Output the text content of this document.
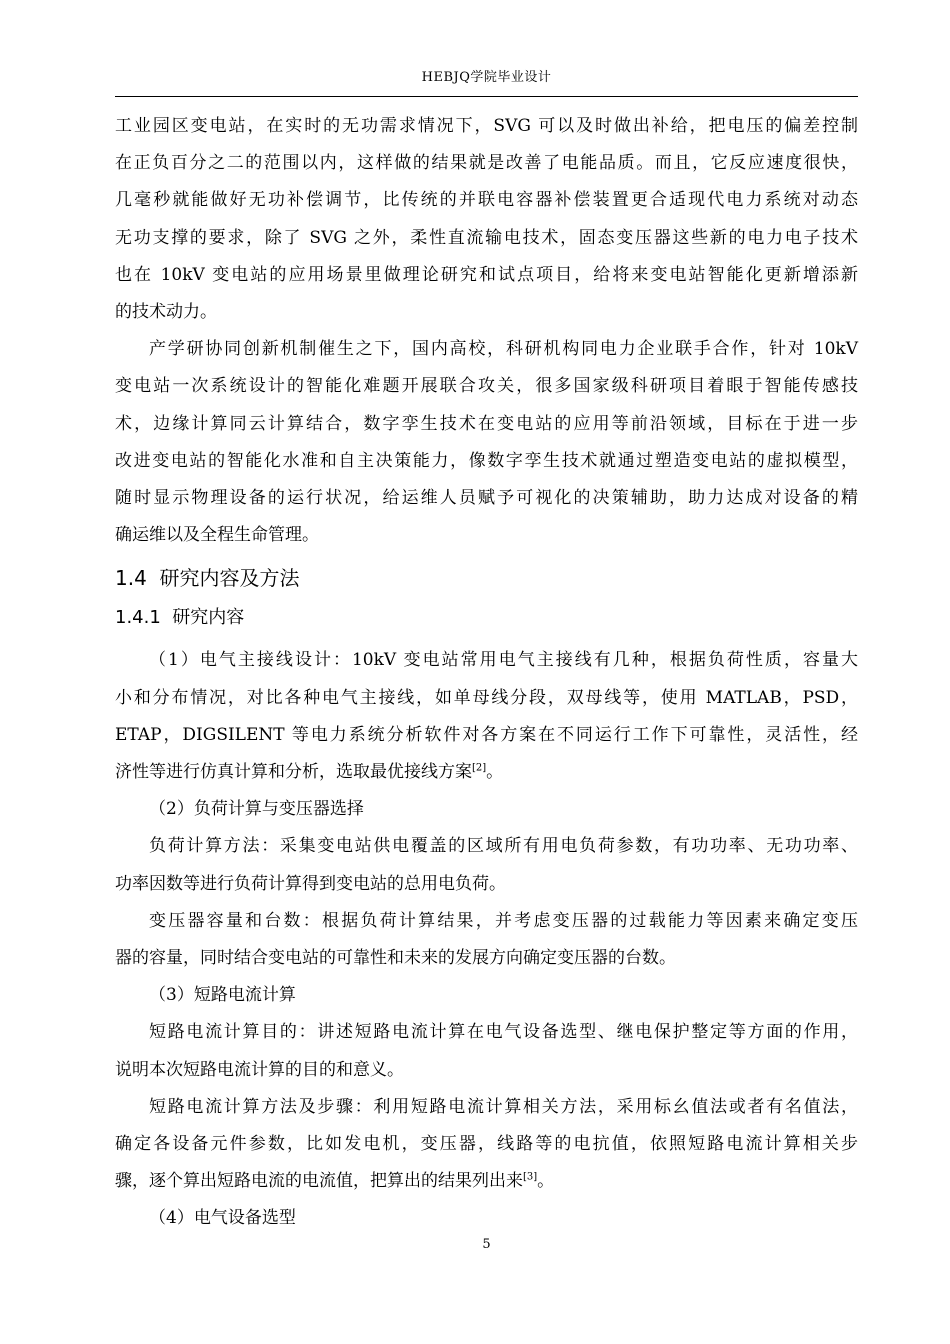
HEBJQ学院毕业设计

工业园区变电站，在实时的无功需求情况下，SVG 可以及时做出补给，把电压的偏差控制
在正负百分之二的范围以内，这样做的结果就是改善了电能品质。而且，它反应速度很快，
几毫秒就能做好无功补偿调节，比传统的并联电容器补偿装置更合适现代电力系统对动态
无功支撑的要求，除了 SVG 之外，柔性直流输电技术，固态变压器这些新的电力电子技术
也在 10kV 变电站的应用场景里做理论研究和试点项目，给将来变电站智能化更新增添新
的技术动力。

产学研协同创新机制催生之下，国内高校，科研机构同电力企业联手合作，针对 10kV
变电站一次系统设计的智能化难题开展联合攻关，很多国家级科研项目着眼于智能传感技
术，边缘计算同云计算结合，数字孪生技术在变电站的应用等前沿领域，目标在于进一步
改进变电站的智能化水准和自主决策能力，像数字孪生技术就通过塑造变电站的虚拟模型，
随时显示物理设备的运行状况，给运维人员赋予可视化的决策辅助，助力达成对设备的精
确运维以及全程生命管理。

1.4 研究内容及方法
1.4.1 研究内容

（1）电气主接线设计：10kV 变电站常用电气主接线有几种，根据负荷性质，容量大
小和分布情况，对比各种电气主接线，如单母线分段，双母线等，使用 MATLAB，PSD，
ETAP，DIGSILENT 等电力系统分析软件对各方案在不同运行工作下可靠性，灵活性，经
济性等进行仿真计算和分析，选取最优接线方案[2]。

（2）负荷计算与变压器选择

负荷计算方法：采集变电站供电覆盖的区域所有用电负荷参数，有功功率、无功功率、
功率因数等进行负荷计算得到变电站的总用电负荷。

变压器容量和台数：根据负荷计算结果，并考虑变压器的过载能力等因素来确定变压
器的容量，同时结合变电站的可靠性和未来的发展方向确定变压器的台数。

（3）短路电流计算

短路电流计算目的：讲述短路电流计算在电气设备选型、继电保护整定等方面的作用，
说明本次短路电流计算的目的和意义。

短路电流计算方法及步骤：利用短路电流计算相关方法，采用标幺值法或者有名值法，
确定各设备元件参数，比如发电机，变压器，线路等的电抗值，依照短路电流计算相关步
骤，逐个算出短路电流的电流值，把算出的结果列出来[3]。

（4）电气设备选型

5
